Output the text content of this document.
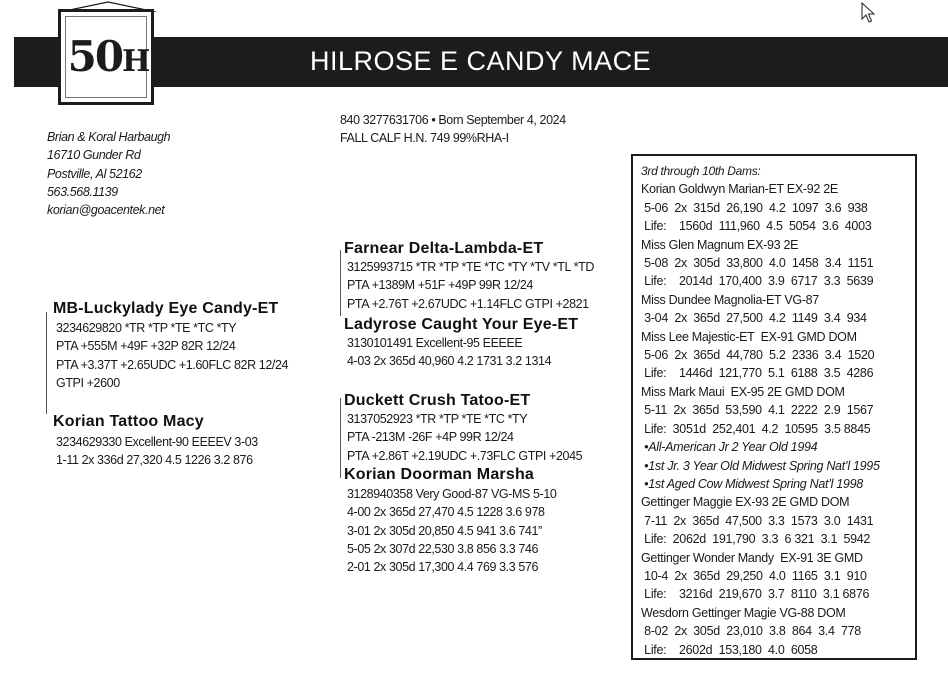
HILROSE E CANDY MACE
50H
Brian & Koral Harbaugh
16710 Gunder Rd
Postville, Al 52162
563.568.1139
korian@goacentek.net
840 3277631706 • Born September 4, 2024
FALL CALF H.N. 749 99%RHA-I
MB-Luckylady Eye Candy-ET
3234629820 *TR *TP *TE *TC *TY
PTA +555M +49F +32P 82R 12/24
PTA +3.37T +2.65UDC +1.60FLC 82R 12/24
GTPI +2600
Korian Tattoo Macy
3234629330 Excellent-90 EEEEV 3-03
1-11 2x 336d 27,320 4.5 1226 3.2 876
Farnear Delta-Lambda-ET
3125993715 *TR *TP *TE *TC *TY *TV *TL *TD
PTA +1389M +51F +49P 99R 12/24
PTA +2.76T +2.67UDC +1.14FLC GTPI +2821
Ladyrose Caught Your Eye-ET
3130101491 Excellent-95 EEEEE
4-03 2x 365d 40,960 4.2 1731 3.2 1314
Duckett Crush Tatoo-ET
3137052923 *TR *TP *TE *TC *TY
PTA -213M -26F +4P 99R 12/24
PTA +2.86T +2.19UDC +.73FLC GTPI +2045
Korian Doorman Marsha
3128940358 Very Good-87 VG-MS 5-10
4-00 2x 365d 27,470 4.5 1228 3.6 978
3-01 2x 305d 20,850 4.5 941 3.6 741”
5-05 2x 307d 22,530 3.8 856 3.3 746
2-01 2x 305d 17,300 4.4 769 3.3 576
3rd through 10th Dams:
Korian Goldwyn Marian-ET EX-92 2E
5-06  2x  315d  26,190  4.2  1097  3.6  938
Life:    1560d  111,960  4.5  5054  3.6  4003
Miss Glen Magnum EX-93 2E
5-08  2x  305d  33,800  4.0  1458  3.4  1151
Life:    2014d  170,400  3.9  6717  3.3  5639
Miss Dundee Magnolia-ET VG-87
3-04  2x  365d  27,500  4.2  1149  3.4  934
Miss Lee Majestic-ET  EX-91 GMD DOM
5-06  2x  365d  44,780  5.2  2336  3.4  1520
Life:    1446d  121,770  5.1  6188  3.5  4286
Miss Mark Maui  EX-95 2E GMD DOM
5-11  2x  365d  53,590  4.1  2222  2.9  1567
Life:  3051d  252,401  4.2  10595  3.5 8845
•All-American Jr 2 Year Old 1994
•1st Jr. 3 Year Old Midwest Spring Nat’l 1995
•1st Aged Cow Midwest Spring Nat’l 1998
Gettinger Maggie EX-93 2E GMD DOM
7-11  2x  365d  47,500  3.3  1573  3.0  1431
Life:  2062d  191,790  3.3  6 321  3.1  5942
Gettinger Wonder Mandy  EX-91 3E GMD
10-4  2x  365d  29,250  4.0  1165  3.1  910
Life:    3216d  219,670  3.7  8110  3.1 6876
Wesdorn Gettinger Magie VG-88 DOM
8-02  2x  305d  23,010  3.8  864  3.4  778
Life:    2602d  153,180  4.0  6058
